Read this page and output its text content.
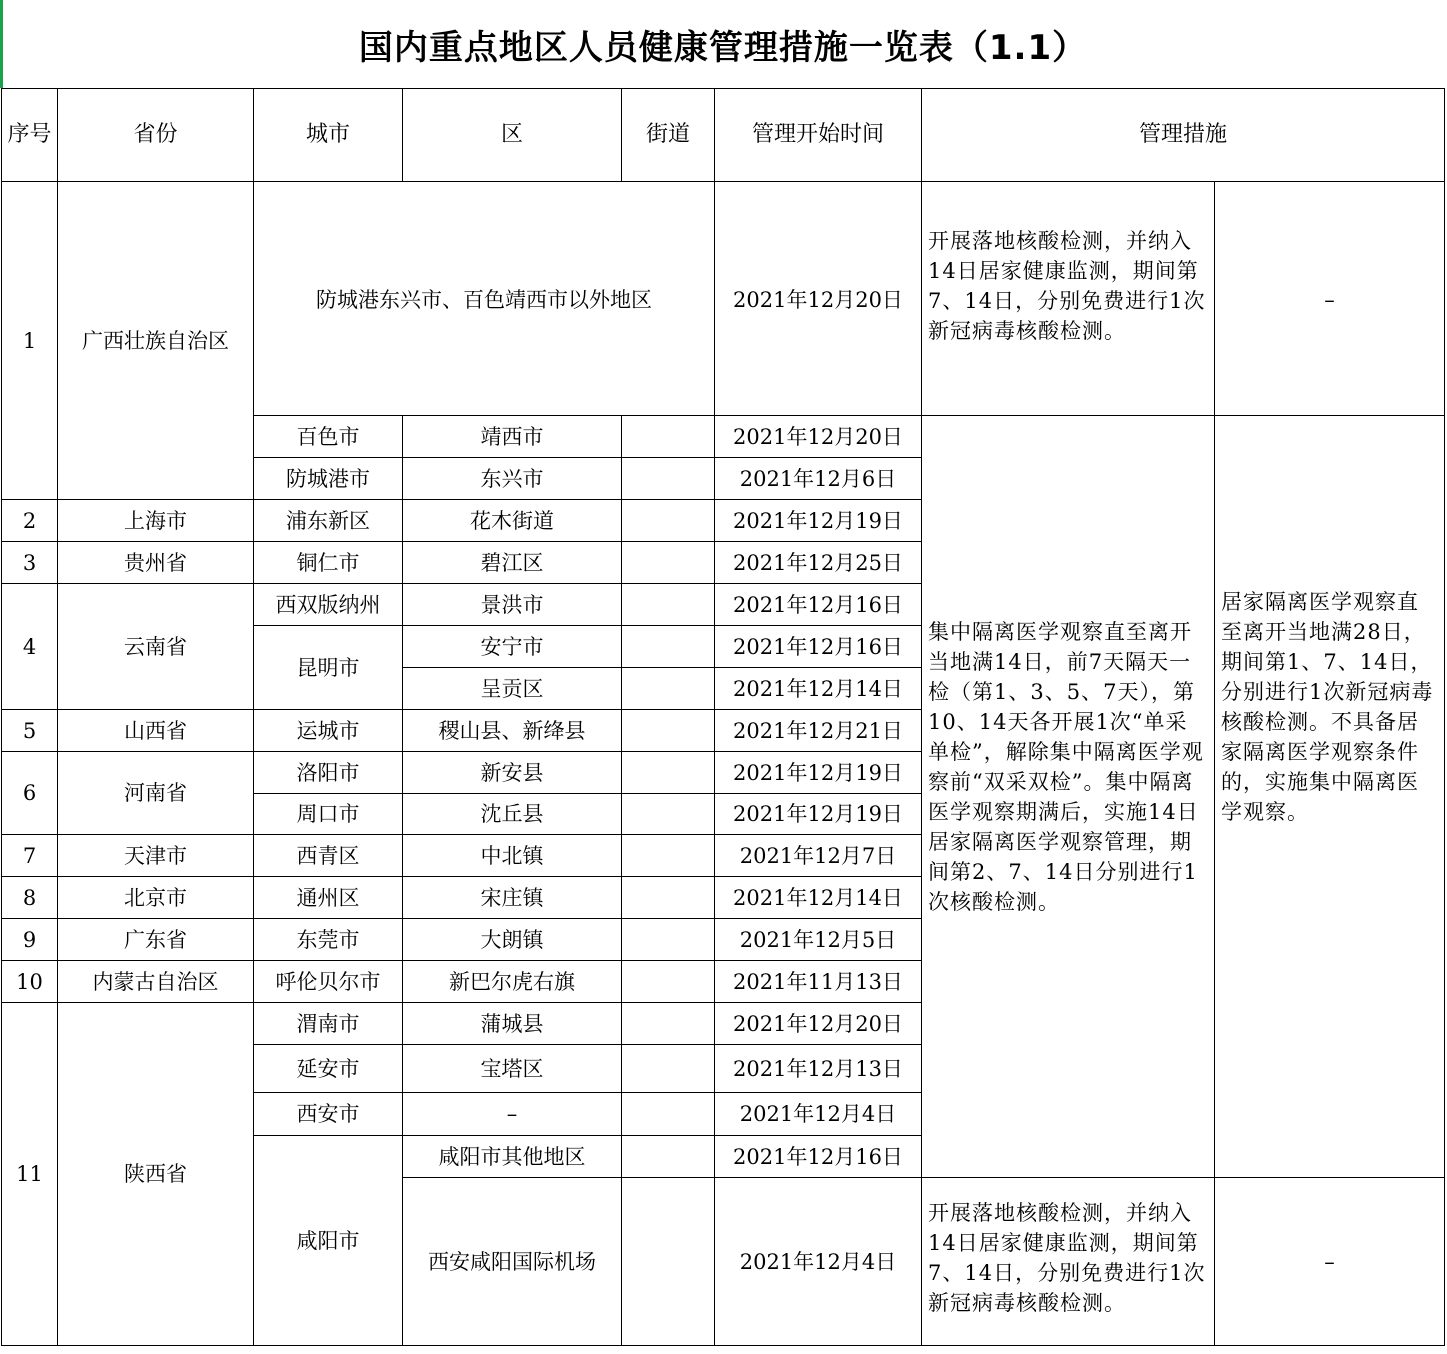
国内重点地区人员健康管理措施一览表（1.1）
序号	省份	城市	区	街道	管理开始时间	管理措施	
1	广西壮族自治区	防城港东兴市、百色靖西市以外地区			2021年12月20日	开展落地核酸检测，并纳入14日居家健康监测，期间第7、14日，分别免费进行1次新冠病毒核酸检测。	–
		百色市	靖西市		2021年12月20日	集中隔离医学观察直至离开当地满14日，前7天隔天一检（第1、3、5、7天），第10、14天各开展1次“单采单检”，解除集中隔离医学观察前“双采双检”。集中隔离医学观察期满后，实施14日居家隔离医学观察管理，期间第2、7、14日分别进行1次核酸检测。	居家隔离医学观察直至离开当地满28日，期间第1、7、14日，分别进行1次新冠病毒核酸检测。不具备居家隔离医学观察条件的，实施集中隔离医学观察。
		防城港市	东兴市		2021年12月6日		
2	上海市	浦东新区	花木街道		2021年12月19日		
3	贵州省	铜仁市	碧江区		2021年12月25日		
4	云南省	西双版纳州	景洪市		2021年12月16日		
		昆明市	安宁市		2021年12月16日		
			呈贡区		2021年12月14日		
5	山西省	运城市	稷山县、新绛县		2021年12月21日		
6	河南省	洛阳市	新安县		2021年12月19日		
		周口市	沈丘县		2021年12月19日		
7	天津市	西青区	中北镇		2021年12月7日		
8	北京市	通州区	宋庄镇		2021年12月14日		
9	广东省	东莞市	大朗镇		2021年12月5日		
10	内蒙古自治区	呼伦贝尔市	新巴尔虎右旗		2021年11月13日		
11	陕西省	渭南市	蒲城县		2021年12月20日		
		延安市	宝塔区		2021年12月13日		
		西安市	–		2021年12月4日		
		咸阳市	咸阳市其他地区		2021年12月16日		
			西安咸阳国际机场		2021年12月4日	开展落地核酸检测，并纳入14日居家健康监测，期间第7、14日，分别免费进行1次新冠病毒核酸检测。	–
